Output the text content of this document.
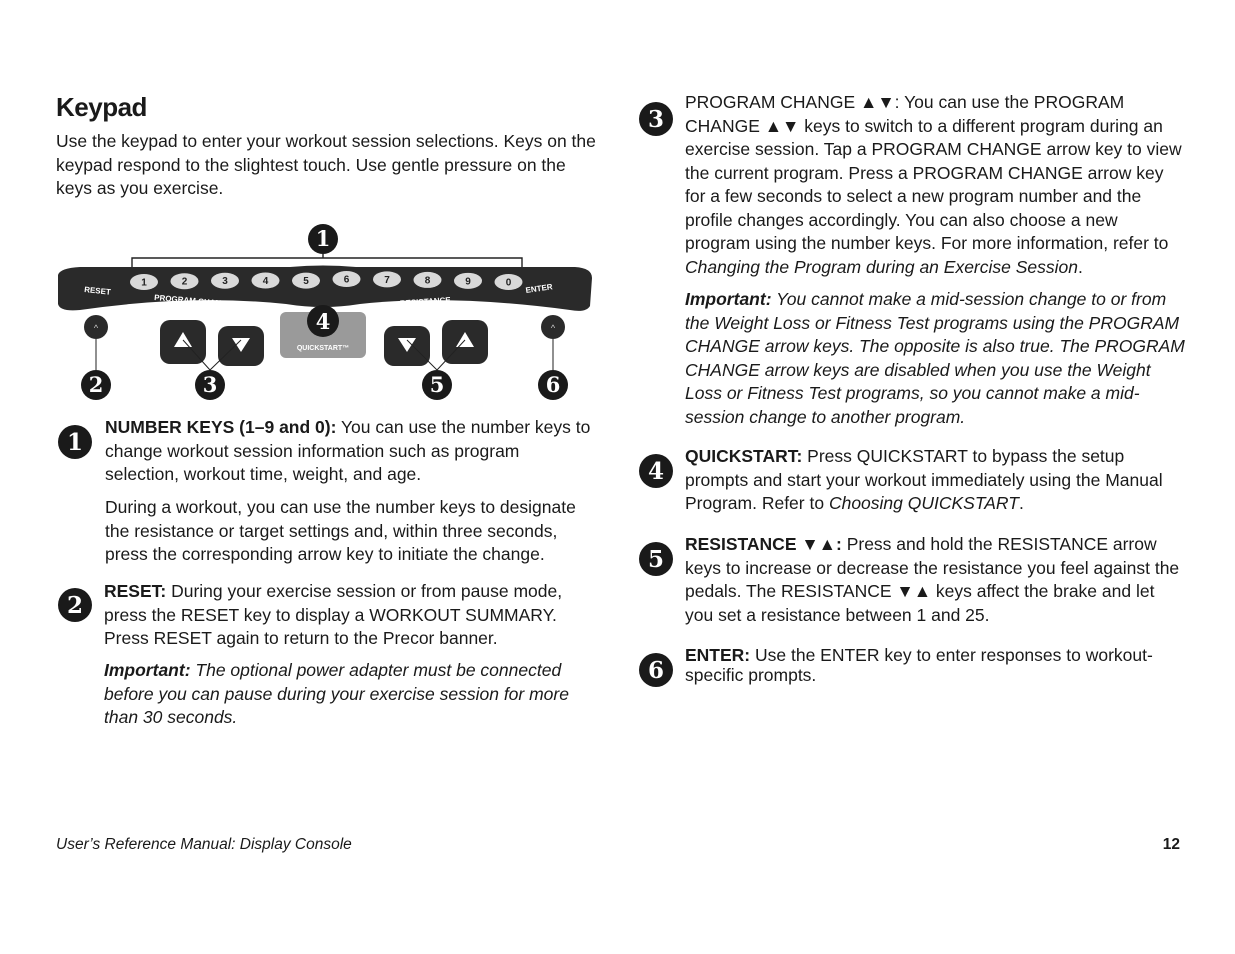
Keypad

Use the keypad to enter your workout session selections. Keys on the keypad respond to the slightest touch. Use gentle pressure on the keys as you exercise.

1
1	2	3	4	5	6	7	8	9	0
RESET
PROGRAM CHANGE	RESISTANCE
ENTER
^	^
QUICKSTART™
4
2	3	5	6
1

NUMBER KEYS (1–9 and 0): You can use the number keys to change workout session information such as program selection, workout time, weight, and age.

During a workout, you can use the number keys to designate the resistance or target settings and, within three seconds, press the corresponding arrow key to initiate the change.

2

RESET: During your exercise session or from pause mode, press the RESET key to display a WORKOUT SUMMARY. Press RESET again to return to the Precor banner.

Important: The optional power adapter must be connected before you can pause during your exercise session for more than 30 seconds.

3

PROGRAM CHANGE ▲▼: You can use the PROGRAM CHANGE ▲▼ keys to switch to a different program during an exercise session. Tap a PROGRAM CHANGE arrow key to view the current program. Press a PROGRAM CHANGE arrow key for a few seconds to select a new program number and the profile changes accordingly. You can also choose a new program using the number keys. For more information, refer to Changing the Program during an Exercise Session.

Important: You cannot make a mid-session change to or from the Weight Loss or Fitness Test programs using the PROGRAM CHANGE arrow keys. The opposite is also true. The PROGRAM CHANGE arrow keys are disabled when you use the Weight Loss or Fitness Test programs, so you cannot make a mid-session change to another program.

4

QUICKSTART: Press QUICKSTART to bypass the setup prompts and start your workout immediately using the Manual Program. Refer to Choosing QUICKSTART.

5

RESISTANCE ▼▲: Press and hold the RESISTANCE arrow keys to increase or decrease the resistance you feel against the pedals. The RESISTANCE ▼▲ keys affect the brake and let you set a resistance between 1 and 25.

6

ENTER: Use the ENTER key to enter responses to workout-specific prompts.

User’s Reference Manual: Display Console	12
